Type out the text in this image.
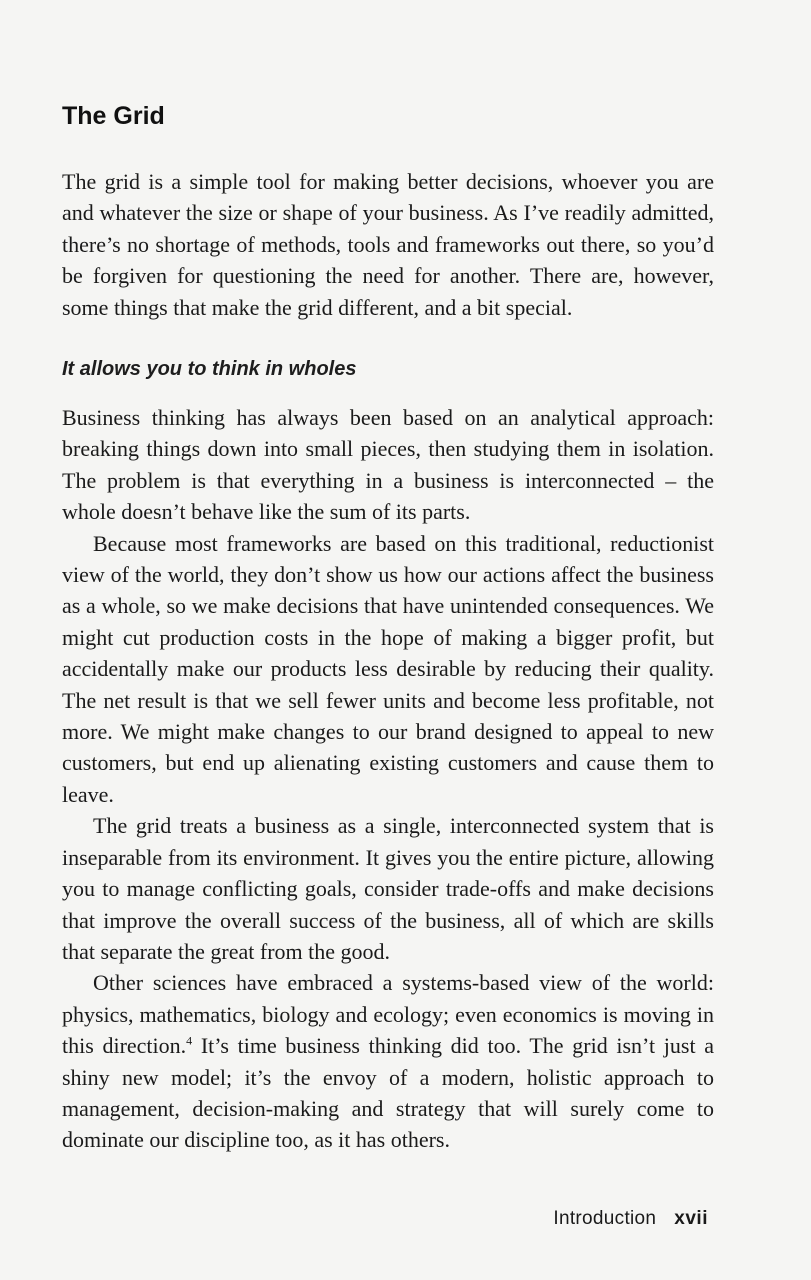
The Grid

The grid is a simple tool for making better decisions, whoever you are and whatever the size or shape of your business. As I’ve readily admitted, there’s no shortage of methods, tools and frameworks out there, so you’d be forgiven for questioning the need for another. There are, however, some things that make the grid different, and a bit special.

It allows you to think in wholes

Business thinking has always been based on an analytical approach: breaking things down into small pieces, then studying them in isolation. The problem is that everything in a business is interconnected – the whole doesn’t behave like the sum of its parts.

Because most frameworks are based on this traditional, reductionist view of the world, they don’t show us how our actions affect the business as a whole, so we make decisions that have unintended consequences. We might cut production costs in the hope of making a bigger profit, but accidentally make our products less desirable by reducing their quality. The net result is that we sell fewer units and become less profitable, not more. We might make changes to our brand designed to appeal to new customers, but end up alienating existing customers and cause them to leave.

The grid treats a business as a single, interconnected system that is inseparable from its environment. It gives you the entire picture, allowing you to manage conflicting goals, consider trade-offs and make decisions that improve the overall success of the business, all of which are skills that separate the great from the good.

Other sciences have embraced a systems-based view of the world: physics, mathematics, biology and ecology; even economics is moving in this direction.$^4$ It’s time business thinking did too. The grid isn’t just a shiny new model; it’s the envoy of a modern, holistic approach to management, decision-making and strategy that will surely come to dominate our discipline too, as it has others.

Introduction xvii
